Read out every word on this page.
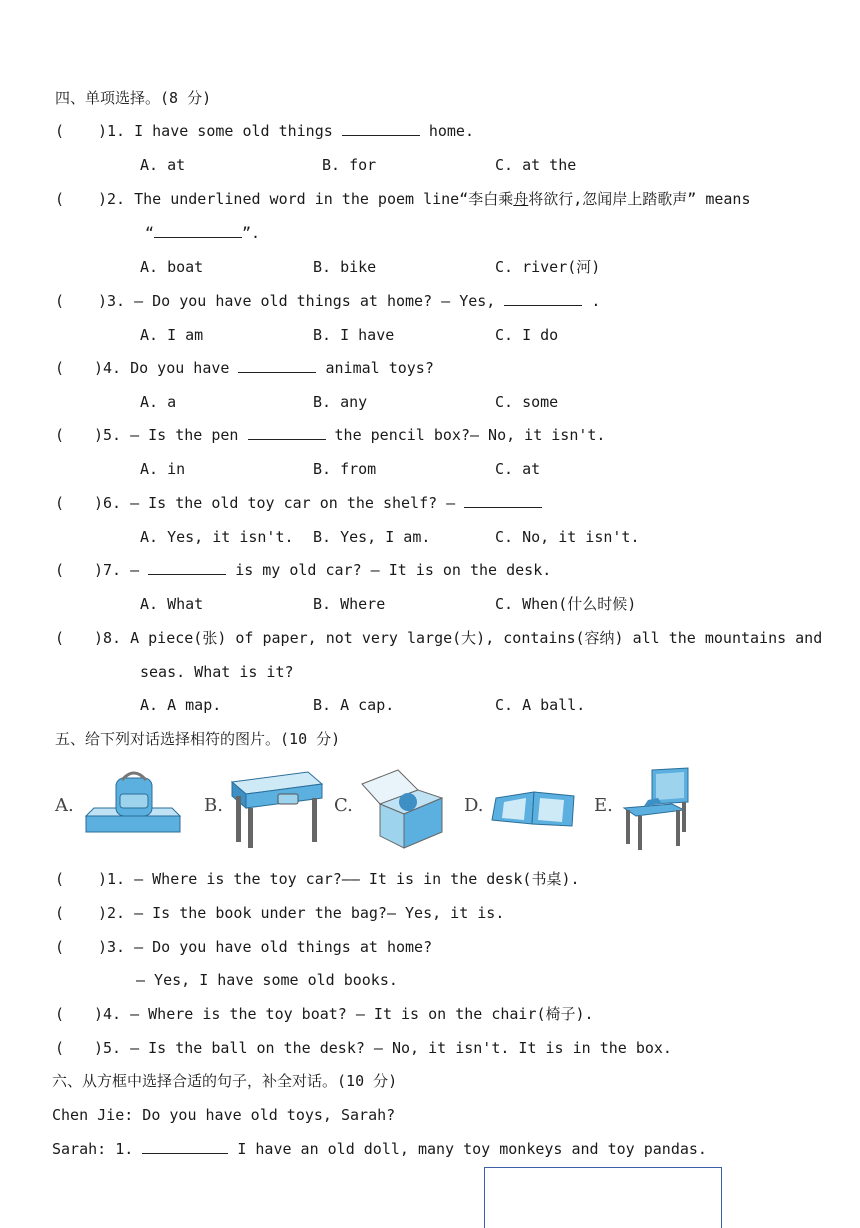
四、单项选择。(8 分)
( ) 1. I have some old things	home.
A. at	B. for	C. at the
( ) 2. The underlined word in the poem line“李白乘舟将欲行,忽闻岸上踏歌声” means
“	”.
A. boat	B. bike	C. river(河)
( ) 3. — Do you have old things at home? — Yes,	.
A. I am	B. I have	C. I do
( ) 4. Do you have	animal toys?
A. a	B. any	C. some
( ) 5. — Is the pen	the pencil box?— No, it isn't.
A. in	B. from	C. at
( ) 6. — Is the old toy car on the shelf? —
A. Yes, it isn't. B. Yes, I am.	C. No, it isn't.
( ) 7. —	is my old car? — It is on the desk.
A. What	B. Where	C. When(什么时候)
( ) 8. A piece(张) of paper, not very large(大), contains(容纳) all the mountains and
seas. What is it?
A. A map.	B. A cap.	C. A ball.
五、给下列对话选择相符的图片。(10 分)
A.	B.	C.	D.	E.
( ) 1. — Where is the toy car?—— It is in the desk(书桌).
( ) 2. — Is the book under the bag?— Yes, it is.
( ) 3. — Do you have old things at home?
— Yes, I have some old books.
( ) 4. — Where is the toy boat? — It is on the chair(椅子).
( ) 5. — Is the ball on the desk? — No, it isn't. It is in the box.
六、从方框中选择合适的句子，补全对话。(10 分)
Chen Jie: Do you have old toys, Sarah?
Sarah: 1.	I have an old doll, many toy monkeys and toy pandas.
